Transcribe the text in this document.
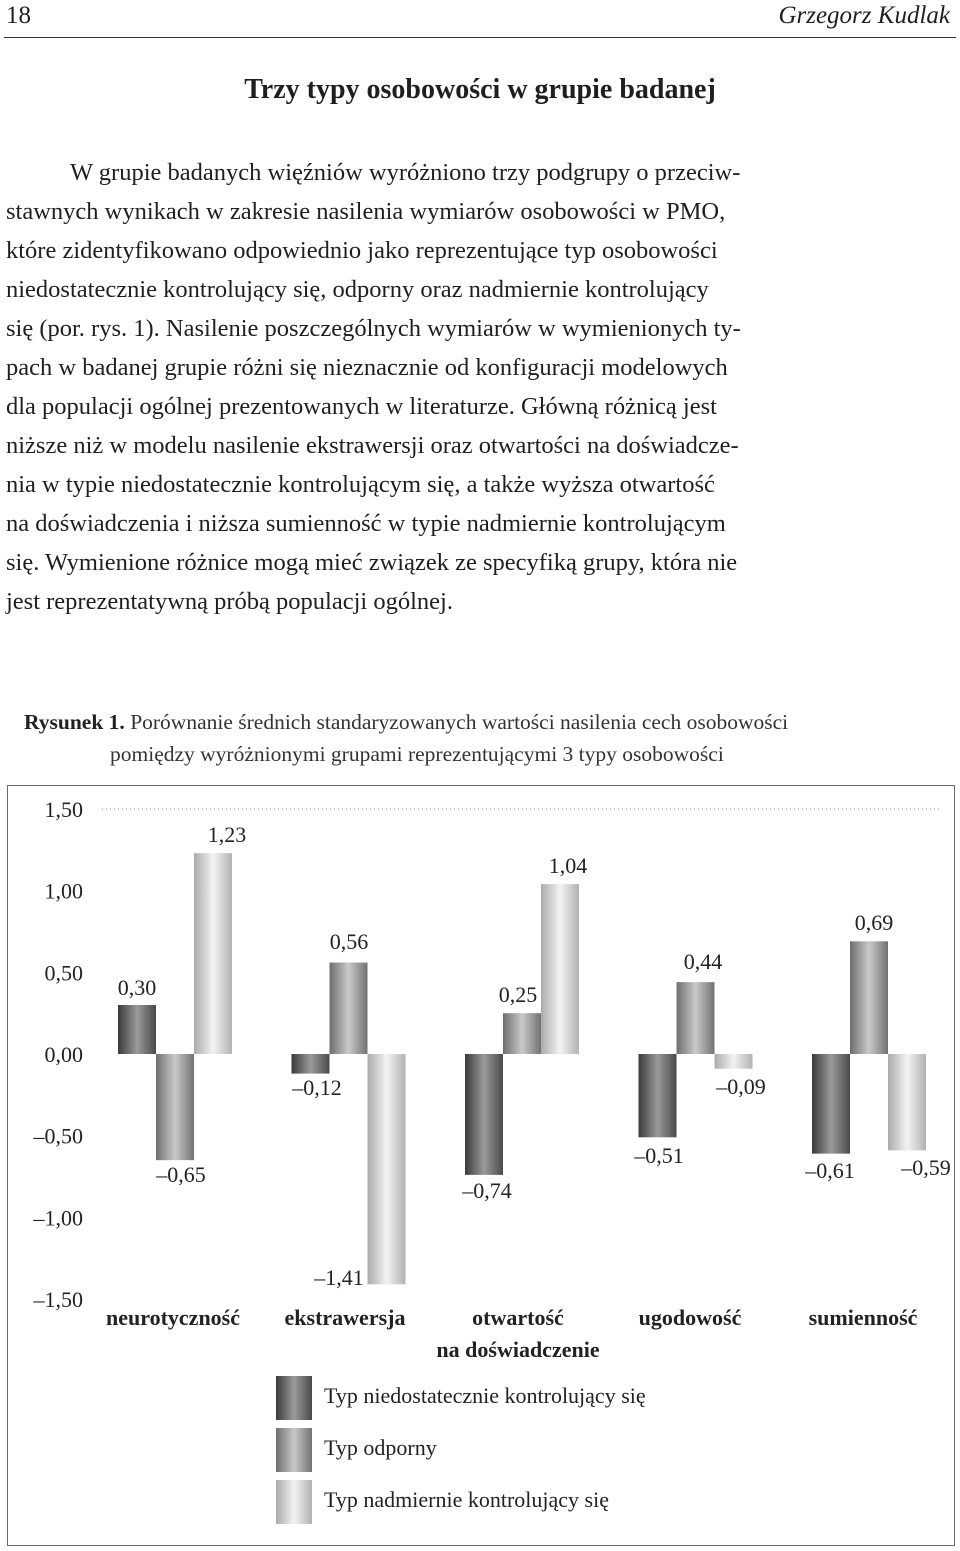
18	Grzegorz Kudlak
Trzy typy osobowości w grupie badanej

W grupie badanych więźniów wyróżniono trzy podgrupy o przeciw-
stawnych wynikach w zakresie nasilenia wymiarów osobowości w PMO,
które zidentyfikowano odpowiednio jako reprezentujące typ osobowości
niedostatecznie kontrolujący się, odporny oraz nadmiernie kontrolujący
się (por. rys. 1). Nasilenie poszczególnych wymiarów w wymienionych ty-
pach w badanej grupie różni się nieznacznie od konfiguracji modelowych
dla populacji ogólnej prezentowanych w literaturze. Główną różnicą jest
niższe niż w modelu nasilenie ekstrawersji oraz otwartości na doświadcze-
nia w typie niedostatecznie kontrolującym się, a także wyższa otwartość
na doświadczenia i niższa sumienność w typie nadmiernie kontrolującym
się. Wymienione różnice mogą mieć związek ze specyfiką grupy, która nie
jest reprezentatywną próbą populacji ogólnej.

Rysunek 1. Porównanie średnich standaryzowanych wartości nasilenia cech osobowości
pomiędzy wyróżnionymi grupami reprezentującymi 3 typy osobowości
1,50
1,00
0,50
0,00
–0,50
–1,00
–1,50
0,30
–0,65
1,23
–0,12
0,56
–1,41
–0,74
0,25
1,04
–0,51
0,44
–0,09
–0,61
0,69
–0,59
neurotyczność ekstrawersja	otwartość
na doświadczenie
ugodowość	sumienność
Typ niedostatecznie kontrolujący się
Typ odporny
Typ nadmiernie kontrolujący się
